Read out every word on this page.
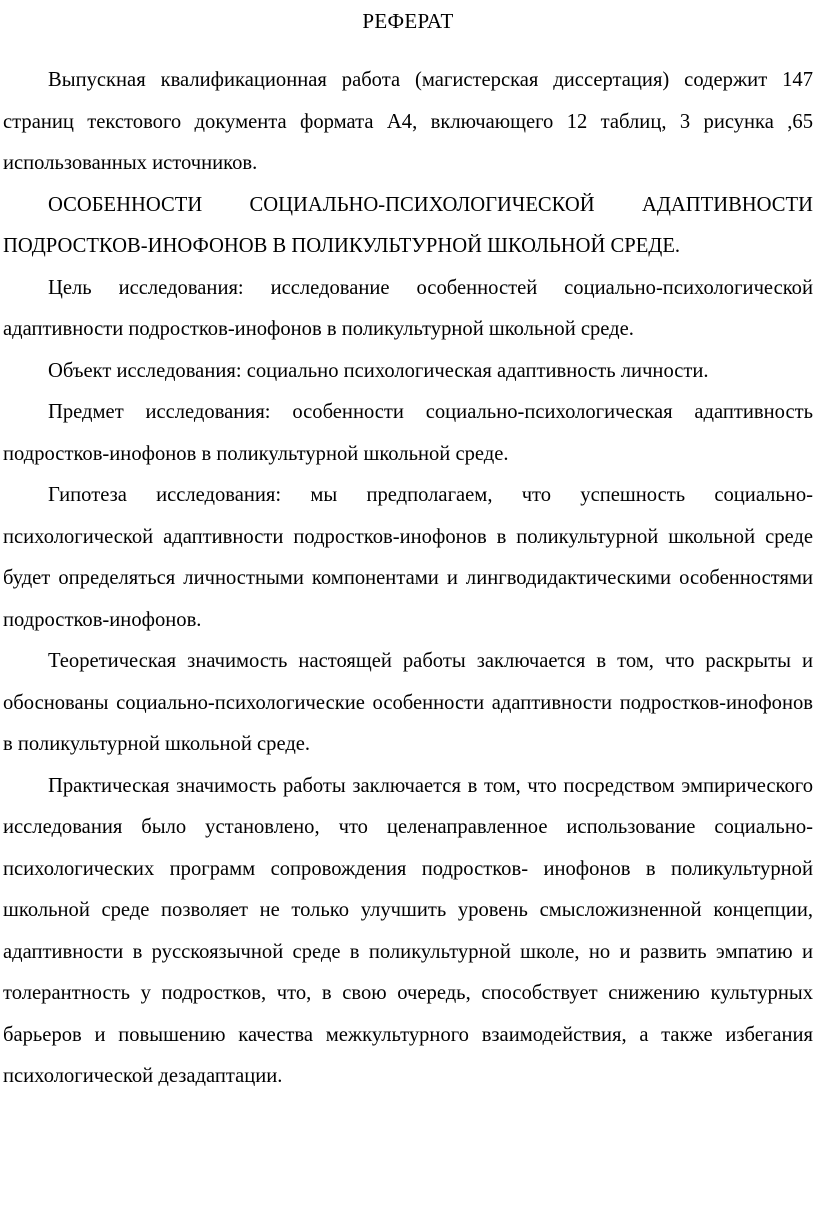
РЕФЕРАТ

Выпускная квалификационная работа (магистерская диссертация) содержит 147 страниц текстового документа формата А4, включающего 12 таблиц, 3 рисунка ,65 использованных источников.

ОСОБЕННОСТИ СОЦИАЛЬНО-ПСИХОЛОГИЧЕСКОЙ АДАПТИВНОСТИ ПОДРОСТКОВ-ИНОФОНОВ В ПОЛИКУЛЬТУРНОЙ ШКОЛЬНОЙ СРЕДЕ.

Цель исследования: исследование особенностей социально-психологической адаптивности подростков-инофонов в поликультурной школьной среде.

Объект исследования: социально психологическая адаптивность личности.

Предмет исследования: особенности социально-психологическая адаптивность подростков-инофонов в поликультурной школьной среде.

Гипотеза исследования: мы предполагаем, что успешность социально-психологической адаптивности подростков-инофонов в поликультурной школьной среде будет определяться личностными компонентами и лингводидактическими особенностями подростков-инофонов.

Теоретическая значимость настоящей работы заключается в том, что раскрыты и обоснованы социально-психологические особенности адаптивности подростков-инофонов в поликультурной школьной среде.

Практическая значимость работы заключается в том, что посредством эмпирического исследования было установлено, что целенаправленное использование социально-психологических программ сопровождения подростков- инофонов в поликультурной школьной среде позволяет не только улучшить уровень смысложизненной концепции, адаптивности в русскоязычной среде в поликультурной школе, но и развить эмпатию и толерантность у подростков, что, в свою очередь, способствует снижению культурных барьеров и повышению качества межкультурного взаимодействия, а также избегания психологической дезадаптации.
